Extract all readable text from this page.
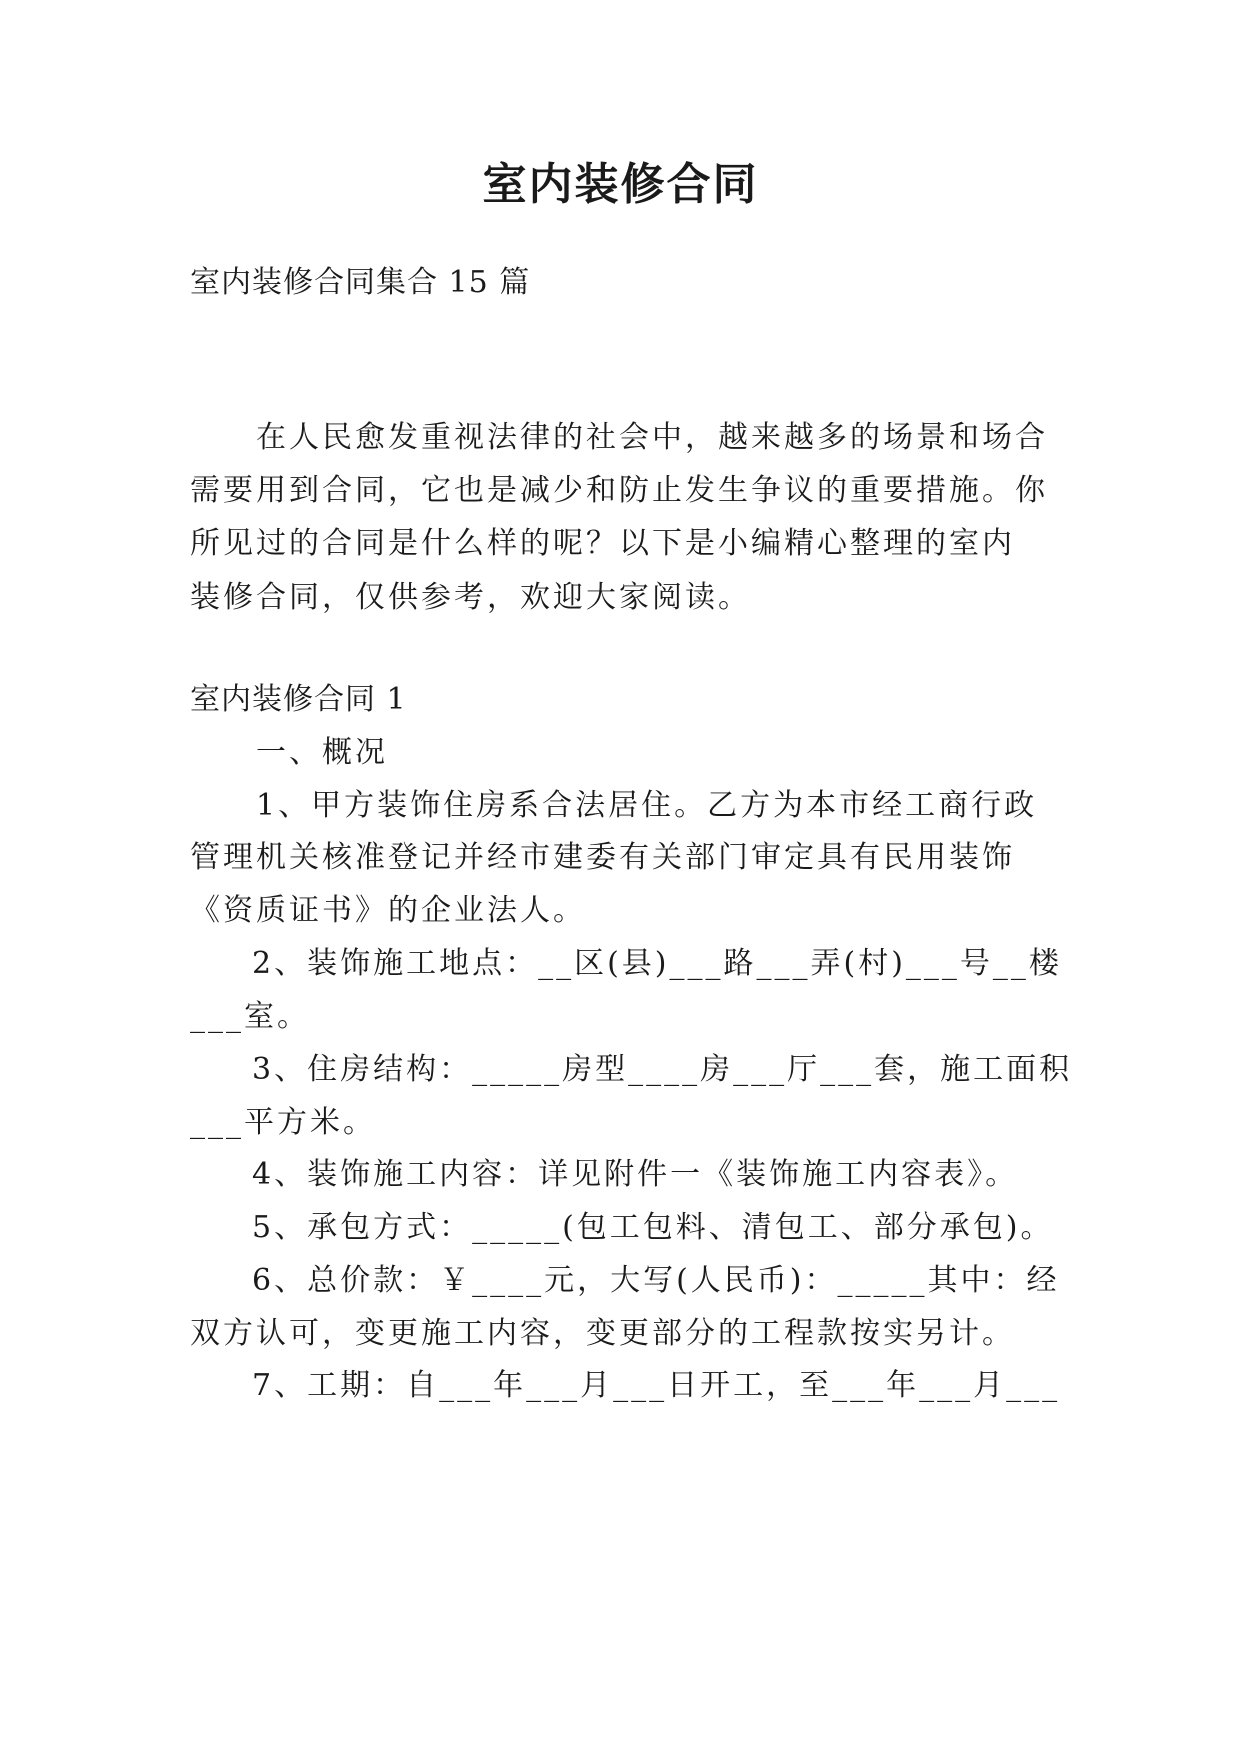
室内装修合同

室内装修合同集合 15 篇

在人民愈发重视法律的社会中，越来越多的场景和场合

需要用到合同，它也是减少和防止发生争议的重要措施。你

所见过的合同是什么样的呢？以下是小编精心整理的室内

装修合同，仅供参考，欢迎大家阅读。

室内装修合同 1

一、概况

1、甲方装饰住房系合法居住。乙方为本市经工商行政

管理机关核准登记并经市建委有关部门审定具有民用装饰

《资质证书》的企业法人。

2、装饰施工地点：__区(县)___路___弄(村)___号__楼

___室。

3、住房结构：_____房型____房___厅___套，施工面积

___平方米。

4、装饰施工内容：详见附件一《装饰施工内容表》。

5、承包方式：_____(包工包料、清包工、部分承包)。

6、总价款：￥____元，大写(人民币)：_____其中：经

双方认可，变更施工内容，变更部分的工程款按实另计。

7、工期：自___年___月___日开工，至___年___月___
